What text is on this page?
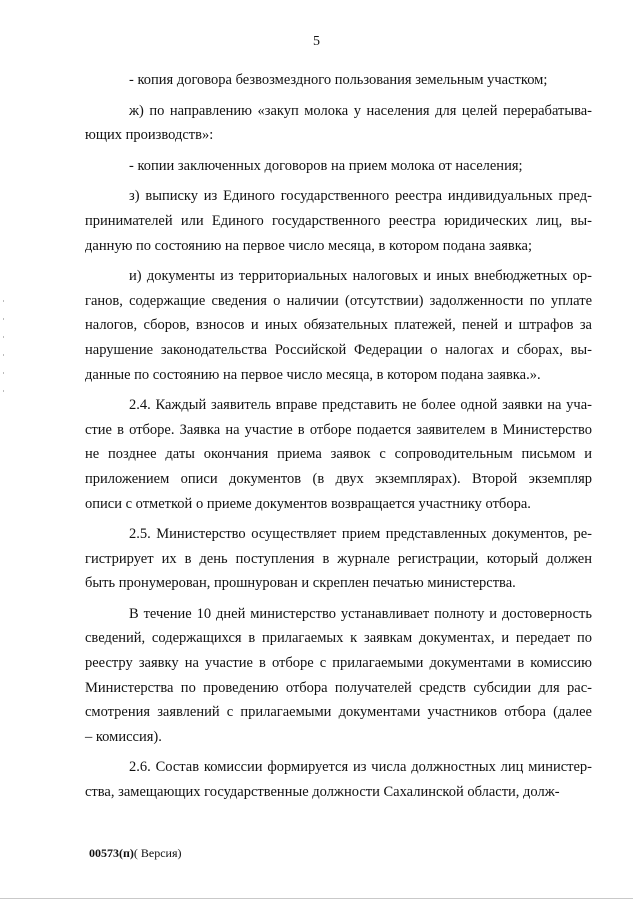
5
- копия договора безвозмездного пользования земельным участком;
ж) по направлению «закуп молока у населения для целей перерабатыва-
ющих производств»:
- копии заключенных договоров на прием молока от населения;
з) выписку из Единого государственного реестра индивидуальных пред-
принимателей или Единого государственного реестра юридических лиц, вы-
данную по состоянию на первое число месяца, в котором подана заявка;
и) документы из территориальных налоговых и иных внебюджетных ор-
ганов, содержащие сведения о наличии (отсутствии) задолженности по уплате
налогов, сборов, взносов и иных обязательных платежей, пеней и штрафов за
нарушение законодательства Российской Федерации о налогах и сборах, вы-
данные по состоянию на первое число месяца, в котором подана заявка.».
2.4. Каждый заявитель вправе представить не более одной заявки на уча-
стие в отборе. Заявка на участие в отборе подается заявителем в Министерство
не позднее даты окончания приема заявок с сопроводительным письмом и
приложением описи документов (в двух экземплярах). Второй экземпляр
описи с отметкой о приеме документов возвращается участнику отбора.
2.5. Министерство осуществляет прием представленных документов, ре-
гистрирует их в день поступления в журнале регистрации, который должен
быть пронумерован, прошнурован и скреплен печатью министерства.
В течение 10 дней министерство устанавливает полноту и достоверность
сведений, содержащихся в прилагаемых к заявкам документах, и передает по
реестру заявку на участие в отборе с прилагаемыми документами в комиссию
Министерства по проведению отбора получателей средств субсидии для рас-
смотрения заявлений с прилагаемыми документами участников отбора (далее
– комиссия).
2.6. Состав комиссии формируется из числа должностных лиц министер-
ства, замещающих государственные должности Сахалинской области, долж-
00573(п)( Версия)
